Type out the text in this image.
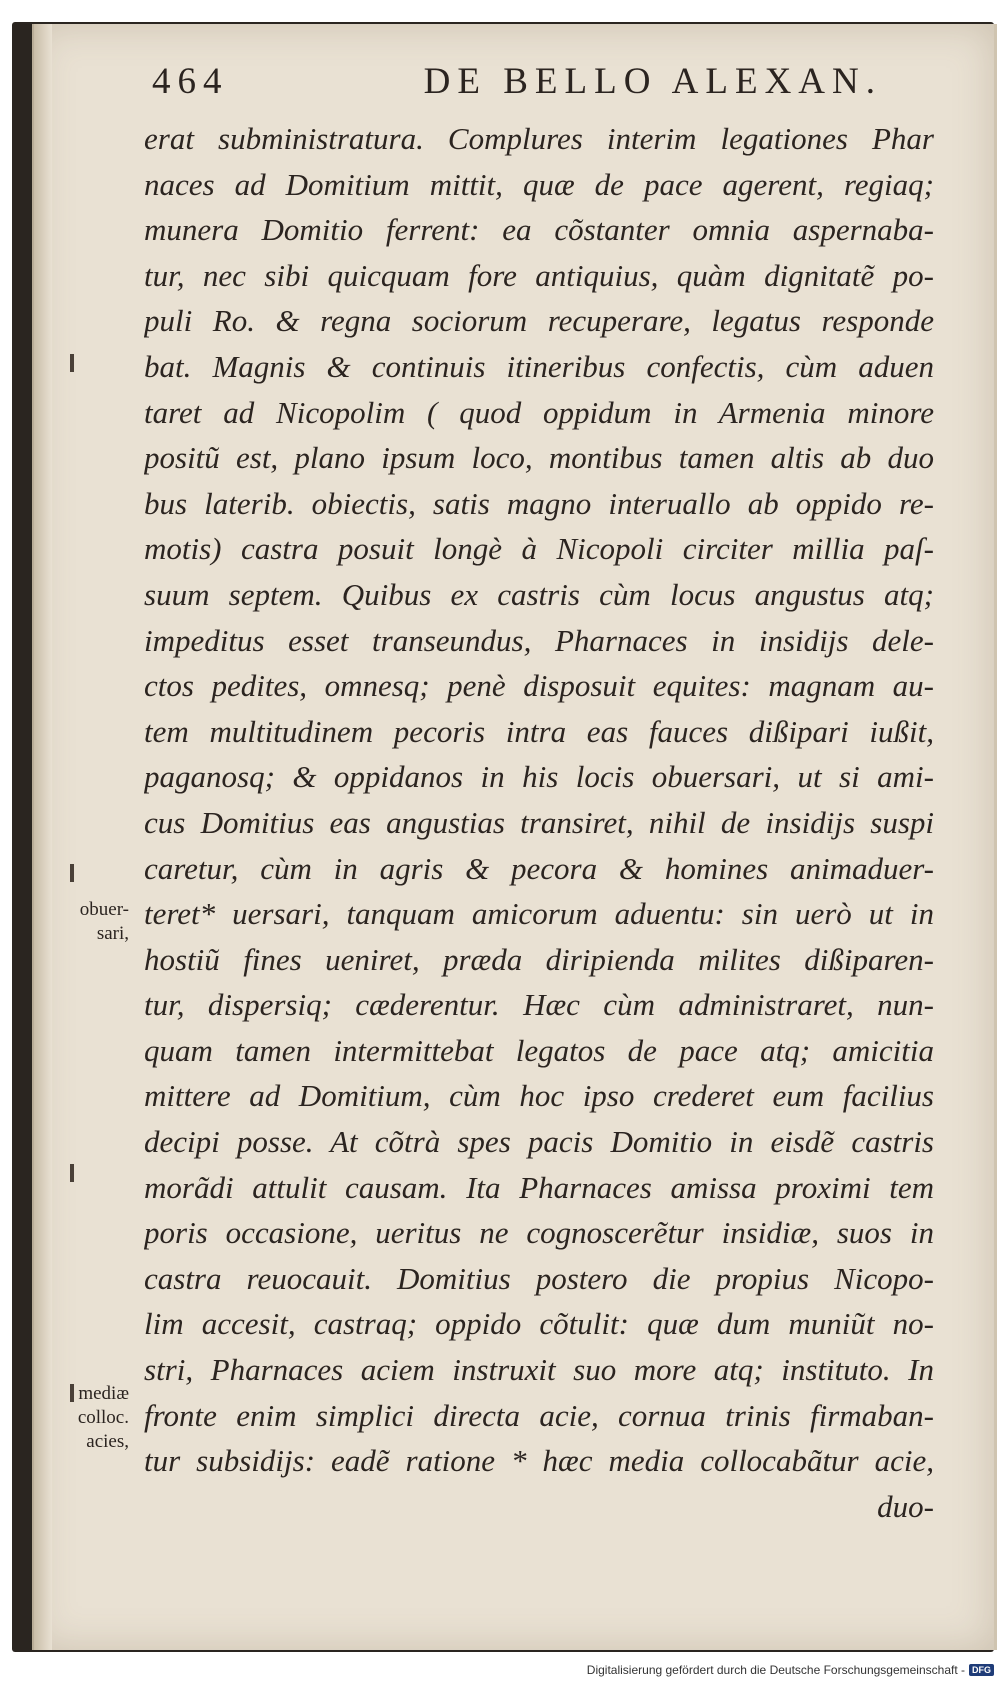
464	DE BELLO ALEXAN.
obuer-
sari,
mediæ
colloc.
acies,
erat subministratura. Complures interim legationes Phar
naces ad Domitium mittit, quæ de pace agerent, regiaq;
munera Domitio ferrent: ea cõstanter omnia aspernaba-
tur, nec sibi quicquam fore antiquius, quàm dignitatẽ po-
puli Ro. & regna sociorum recuperare, legatus responde
bat. Magnis & continuis itineribus confectis, cùm aduen
taret ad Nicopolim ( quod oppidum in Armenia minore
positũ est, plano ipsum loco, montibus tamen altis ab duo
bus laterib. obiectis, satis magno interuallo ab oppido re-
motis) castra posuit longè à Nicopoli circiter millia paſ-
suum septem. Quibus ex castris cùm locus angustus atq;
impeditus esset transeundus, Pharnaces in insidijs dele-
ctos pedites, omnesq; penè disposuit equites: magnam au-
tem multitudinem pecoris intra eas fauces dißipari iußit,
paganosq; & oppidanos in his locis obuersari, ut si ami-
cus Domitius eas angustias transiret, nihil de insidijs suspi
caretur, cùm in agris & pecora & homines animaduer-
teret* uersari, tanquam amicorum aduentu: sin uerò ut in
hostiũ fines ueniret, præda diripienda milites dißiparen-
tur, dispersiq; cæderentur. Hæc cùm administraret, nun-
quam tamen intermittebat legatos de pace atq; amicitia
mittere ad Domitium, cùm hoc ipso crederet eum facilius
decipi posse. At cõtrà spes pacis Domitio in eisdẽ castris
morãdi attulit causam. Ita Pharnaces amissa proximi tem
poris occasione, ueritus ne cognoscerẽtur insidiæ, suos in
castra reuocauit. Domitius postero die propius Nicopo-
lim accesit, castraq; oppido cõtulit: quæ dum muniũt no-
stri, Pharnaces aciem instruxit suo more atq; instituto. In
fronte enim simplici directa acie, cornua trinis firmaban-
tur subsidijs: eadẽ ratione * hæc media collocabãtur acie,
duo-
Digitalisierung gefördert durch die Deutsche Forschungsgemeinschaft - DFG
